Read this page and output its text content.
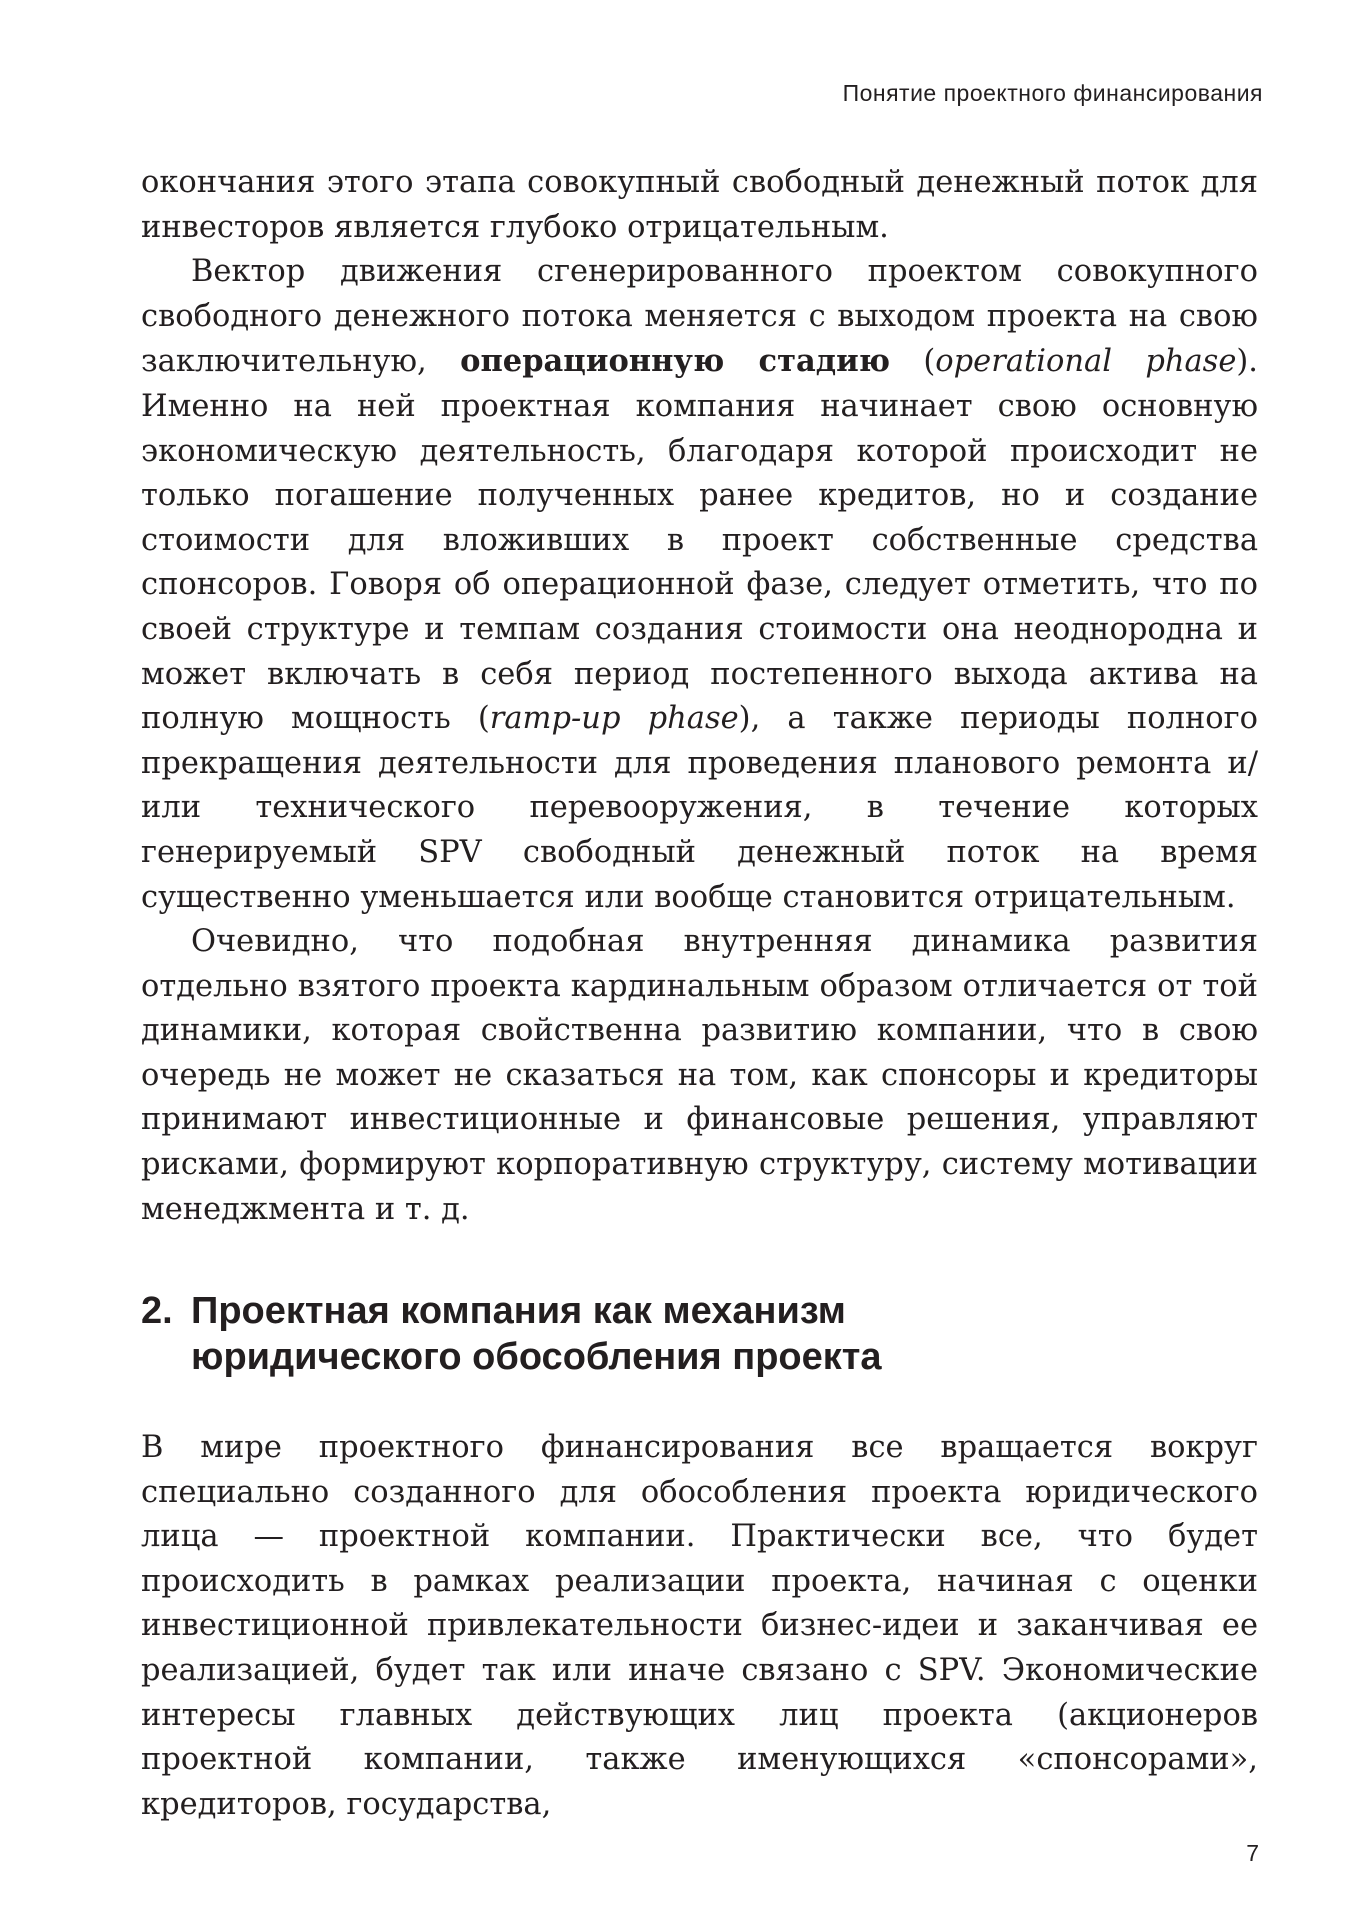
Понятие проектного финансирования

окончания этого этапа совокупный свободный денежный поток для инвесторов является глубоко отрицательным.

Вектор движения сгенерированного проектом совокупного свободного денежного потока меняется с выходом проекта на свою заключительную, операционную стадию (operational phase). Именно на ней проектная компания начинает свою основную экономическую деятельность, благодаря которой происходит не только погашение полученных ранее кредитов, но и создание стоимости для вложивших в проект собственные средства спонсоров. Говоря об операционной фазе, следует отметить, что по своей структуре и темпам создания стоимости она неоднородна и может включать в себя период постепенного выхода актива на полную мощность (ramp-up phase), а также периоды полного прекращения деятельности для проведения планового ремонта и/или технического перевооружения, в течение которых генерируемый SPV свободный денежный поток на время существенно уменьшается или вообще становится отрицательным.

Очевидно, что подобная внутренняя динамика развития отдельно взятого проекта кардинальным образом отличается от той динамики, которая свойственна развитию компании, что в свою очередь не может не сказаться на том, как спонсоры и кредиторы принимают инвестиционные и финансовые решения, управляют рисками, формируют корпоративную структуру, систему мотивации менеджмента и т. д.

2. Проектная компания как механизм
юридического обособления проекта

В мире проектного финансирования все вращается вокруг специально созданного для обособления проекта юридического лица — проектной компании. Практически все, что будет происходить в рамках реализации проекта, начиная с оценки инвестиционной привлекательности бизнес-идеи и заканчивая ее реализацией, будет так или иначе связано с SPV. Экономические интересы главных действующих лиц проекта (акционеров проектной компании, также именующихся «спонсорами», кредиторов, государства,

7
